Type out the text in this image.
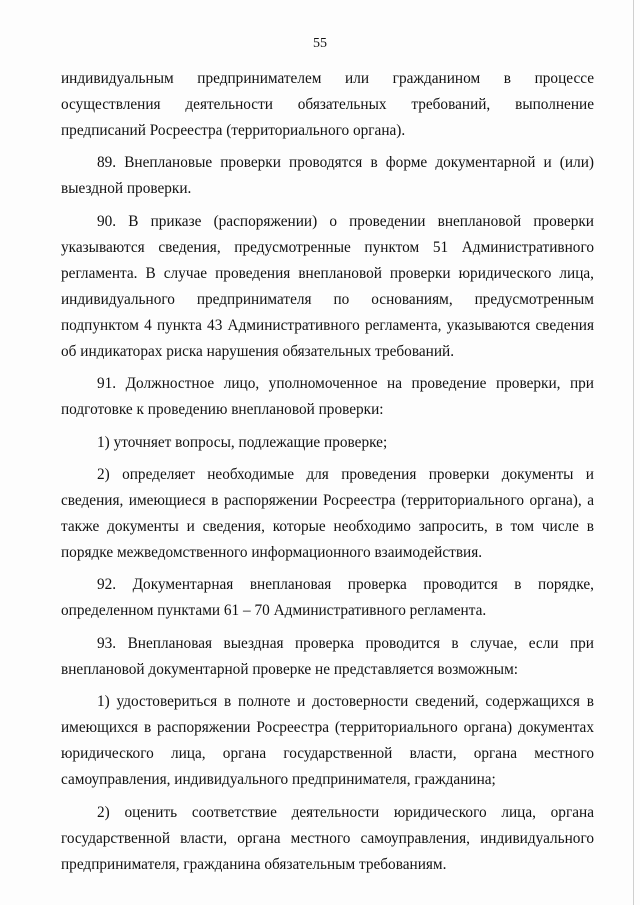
55

индивидуальным предпринимателем или гражданином в процессе осуществления деятельности обязательных требований, выполнение предписаний Росреестра (территориального органа).

89. Внеплановые проверки проводятся в форме документарной и (или) выездной проверки.

90. В приказе (распоряжении) о проведении внеплановой проверки указываются сведения, предусмотренные пунктом 51 Административного регламента. В случае проведения внеплановой проверки юридического лица, индивидуального предпринимателя по основаниям, предусмотренным подпунктом 4 пункта 43 Административного регламента, указываются сведения об индикаторах риска нарушения обязательных требований.

91. Должностное лицо, уполномоченное на проведение проверки, при подготовке к проведению внеплановой проверки:

1) уточняет вопросы, подлежащие проверке;

2) определяет необходимые для проведения проверки документы и сведения, имеющиеся в распоряжении Росреестра (территориального органа), а также документы и сведения, которые необходимо запросить, в том числе в порядке межведомственного информационного взаимодействия.

92. Документарная внеплановая проверка проводится в порядке, определенном пунктами 61 – 70 Административного регламента.

93. Внеплановая выездная проверка проводится в случае, если при внеплановой документарной проверке не представляется возможным:

1) удостовериться в полноте и достоверности сведений, содержащихся в имеющихся в распоряжении Росреестра (территориального органа) документах юридического лица, органа государственной власти, органа местного самоуправления, индивидуального предпринимателя, гражданина;

2) оценить соответствие деятельности юридического лица, органа государственной власти, органа местного самоуправления, индивидуального предпринимателя, гражданина обязательным требованиям.
